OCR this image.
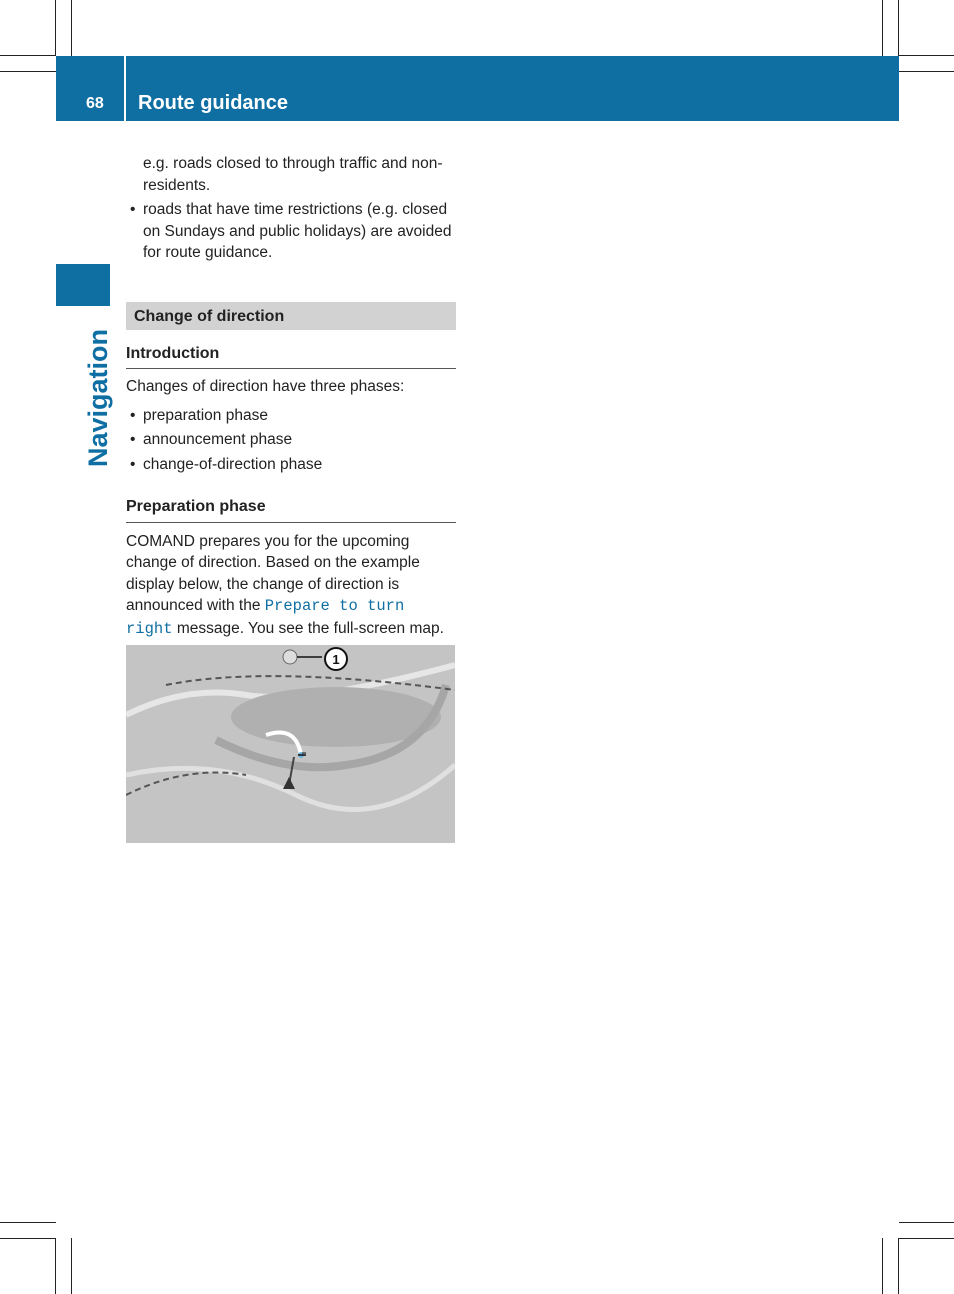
68 Route guidance
Navigation

e.g. roads closed to through traffic and non-residents.

• roads that have time restrictions (e.g. closed on Sundays and public holidays) are avoided for route guidance.

Change of direction
Introduction

Changes of direction have three phases:

• preparation phase

• announcement phase

• change-of-direction phase

Preparation phase

COMAND prepares you for the upcoming change of direction. Based on the example display below, the change of direction is announced with the Prepare to turn right message. You see the full-screen map.

1
